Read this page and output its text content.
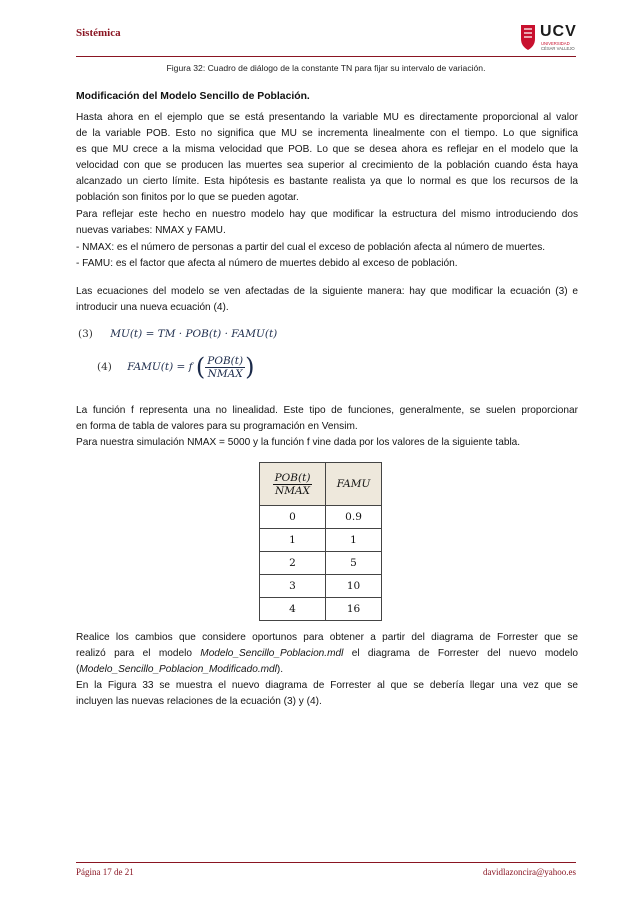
Sistémica	UCV
UNIVERSIDAD
CÉSAR VALLEJO
Figura 32: Cuadro de diálogo de la constante TN para fijar su intervalo de variación.
Modificación del Modelo Sencillo de Población.
Hasta ahora en el ejemplo que se está presentando la variable MU es directamente proporcional al valor
de la variable POB. Esto no significa que MU se incrementa linealmente con el tiempo. Lo que significa
es que MU crece a la misma velocidad que POB. Lo que se desea ahora es reflejar en el modelo que la
velocidad con que se producen las muertes sea superior al crecimiento de la población cuando ésta haya
alcanzado un cierto límite. Esta hipótesis es bastante realista ya que lo normal es que los recursos de la
población son finitos por lo que se pueden agotar.
Para reflejar este hecho en nuestro modelo hay que modificar la estructura del mismo introduciendo dos
nuevas variabes: NMAX y FAMU.
- NMAX: es el número de personas a partir del cual el exceso de población afecta al número de muertes.
- FAMU: es el factor que afecta al número de muertes debido al exceso de población.
Las ecuaciones del modelo se ven afectadas de la siguiente manera: hay que modificar la ecuación (3) e
introducir una nueva ecuación (4).
(3) MU(t) = TM · POB(t) · FAMU(t)
(4) FAMU(t) = f ( $\frac{\text{POB(t)}}{\text{NMAX}}$ )
La función f representa una no linealidad. Este tipo de funciones, generalmente, se suelen proporcionar
en forma de tabla de valores para su programación en Vensim.
Para nuestra simulación NMAX = 5000 y la función f vine dada por los valores de la siguiente tabla.
$\frac{\text{POB(t)}}{\text{NMAX}}$	FAMU
0	0.9
1	1
2	5
3	10
4	16
Realice los cambios que considere oportunos para obtener a partir del diagrama de Forrester que se
realizó para el modelo Modelo_Sencillo_Poblacion.mdl el diagrama de Forrester del nuevo modelo
(Modelo_Sencillo_Poblacion_Modificado.mdl).
En la Figura 33 se muestra el nuevo diagrama de Forrester al que se debería llegar una vez que se
incluyen las nuevas relaciones de la ecuación (3) y (4).
Página 17 de 21	davidlazoncira@yahoo.es
